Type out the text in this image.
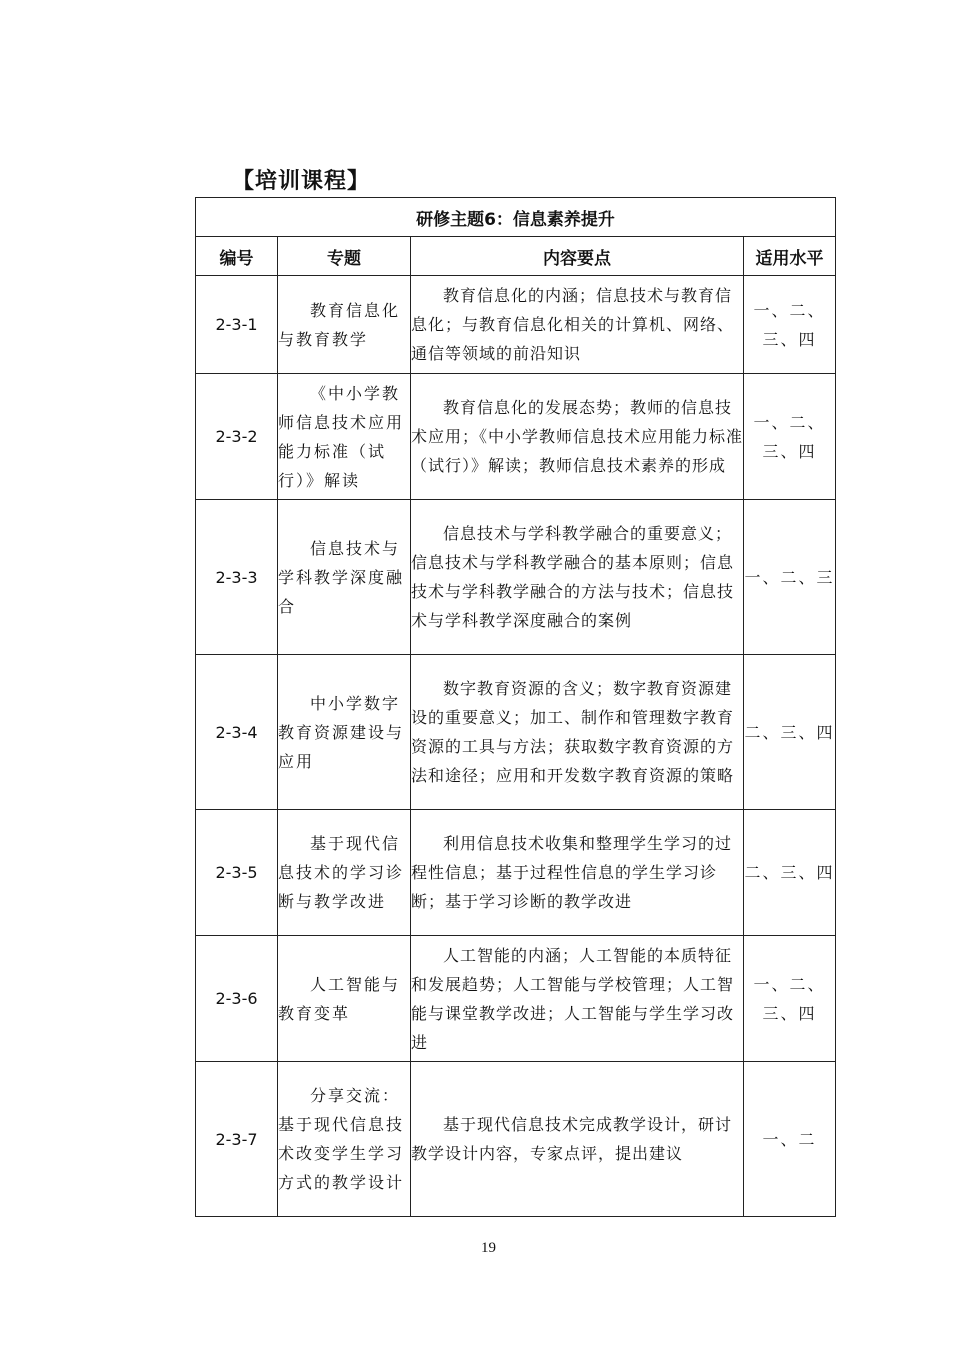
【培训课程】
研修主题6：信息素养提升			
编号	专题	内容要点	适用水平
2-3-1	教育信息化与教育教学	教育信息化的内涵；信息技术与教育信息化；与教育信息化相关的计算机、网络、通信等领域的前沿知识	一、二、三、四
2-3-2	《中小学教师信息技术应用能力标准（试行）》解读	教育信息化的发展态势；教师的信息技术应用；《中小学教师信息技术应用能力标准（试行）》解读；教师信息技术素养的形成	一、二、三、四
2-3-3	信息技术与学科教学深度融合	信息技术与学科教学融合的重要意义；信息技术与学科教学融合的基本原则；信息技术与学科教学融合的方法与技术；信息技术与学科教学深度融合的案例	一、二、三
2-3-4	中小学数字教育资源建设与应用	数字教育资源的含义；数字教育资源建设的重要意义；加工、制作和管理数字教育资源的工具与方法；获取数字教育资源的方法和途径；应用和开发数字教育资源的策略	二、三、四
2-3-5	基于现代信息技术的学习诊断与教学改进	利用信息技术收集和整理学生学习的过程性信息；基于过程性信息的学生学习诊断；基于学习诊断的教学改进	二、三、四
2-3-6	人工智能与教育变革	人工智能的内涵；人工智能的本质特征和发展趋势；人工智能与学校管理；人工智能与课堂教学改进；人工智能与学生学习改进	一、二、三、四
2-3-7	分享交流：基于现代信息技术改变学生学习方式的教学设计	基于现代信息技术完成教学设计，研讨教学设计内容，专家点评，提出建议	一、二
19
